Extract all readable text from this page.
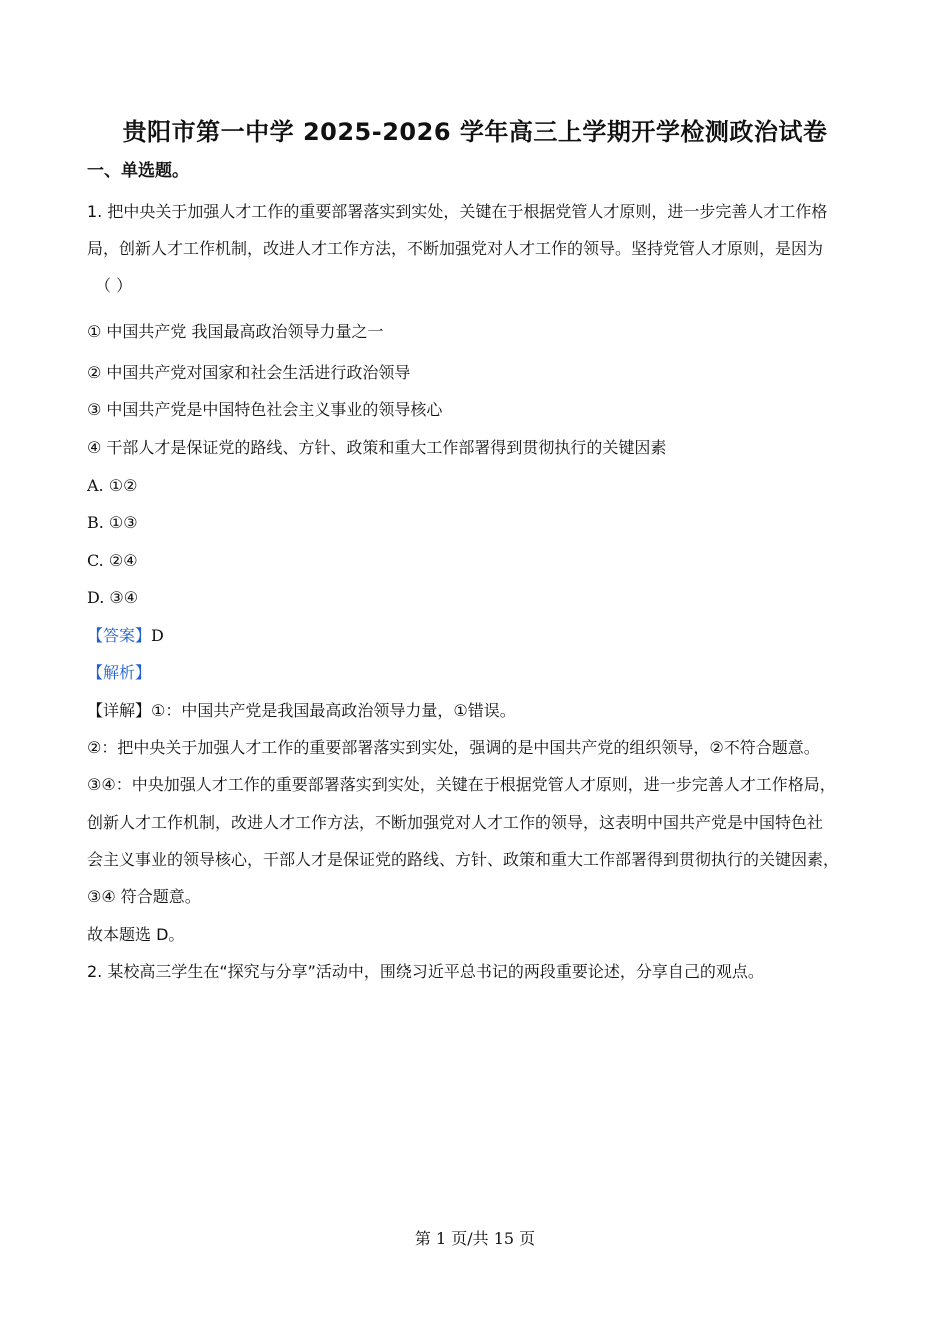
贵阳市第一中学 2025-2026 学年高三上学期开学检测政治试卷
一、单选题。
1. 把中央关于加强人才工作的重要部署落实到实处，关键在于根据党管人才原则，进一步完善人才工作格
局，创新人才工作机制，改进人才工作方法，不断加强党对人才工作的领导。坚持党管人才原则，是因为
（ ）
① 中国共产党 我国最高政治领导力量之一
② 中国共产党对国家和社会生活进行政治领导
③ 中国共产党是中国特色社会主义事业的领导核心
④ 干部人才是保证党的路线、方针、政策和重大工作部署得到贯彻执行的关键因素
A. ①②
B. ①③
C. ②④
D. ③④
【答案】D
【解析】
【详解】①：中国共产党是我国最高政治领导力量，①错误。
②：把中央关于加强人才工作的重要部署落实到实处，强调的是中国共产党的组织领导，②不符合题意。
③④：中央加强人才工作的重要部署落实到实处，关键在于根据党管人才原则，进一步完善人才工作格局，
创新人才工作机制，改进人才工作方法，不断加强党对人才工作的领导，这表明中国共产党是中国特色社
会主义事业的领导核心，干部人才是保证党的路线、方针、政策和重大工作部署得到贯彻执行的关键因素，
③④ 符合题意。
故本题选 D。
2. 某校高三学生在“探究与分享”活动中，围绕习近平总书记的两段重要论述，分享自己的观点。
第 1 页/共 15 页
